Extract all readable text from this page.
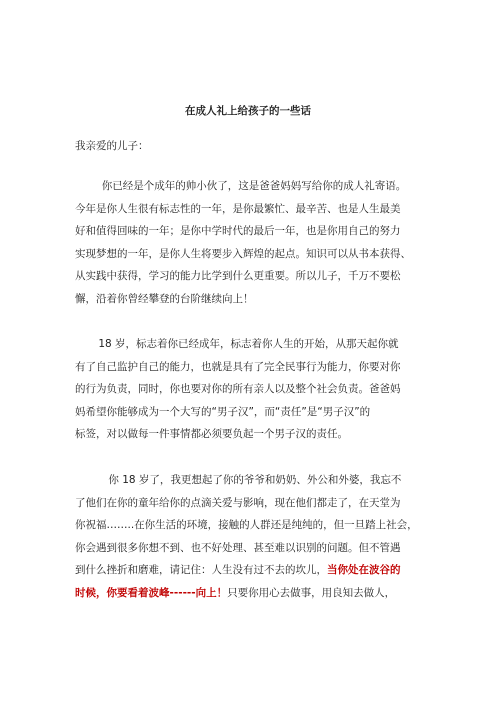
在成人礼上给孩子的一些话
我亲爱的儿子：
你已经是个成年的帅小伙了，这是爸爸妈妈写给你的成人礼寄语。
今年是你人生很有标志性的一年，是你最繁忙、最辛苦、也是人生最美
好和值得回味的一年；是你中学时代的最后一年，也是你用自己的努力
实现梦想的一年，是你人生将要步入辉煌的起点。知识可以从书本获得、
从实践中获得，学习的能力比学到什么更重要。所以儿子，千万不要松
懈，沿着你曾经攀登的台阶继续向上！
18 岁，标志着你已经成年，标志着你人生的开始，从那天起你就
有了自己监护自己的能力，也就是具有了完全民事行为能力，你要对你
的行为负责，同时，你也要对你的所有亲人以及整个社会负责。爸爸妈
妈希望你能够成为一个大写的“男子汉”，而“责任”是“男子汉”的
标签，对以做每一件事情都必须要负起一个男子汉的责任。
你 18 岁了，我更想起了你的爷爷和奶奶、外公和外婆，我忘不
了他们在你的童年给你的点滴关爱与影响，现在他们都走了，在天堂为
你祝福……..在你生活的环境，接触的人群还是纯纯的，但一旦踏上社会，
你会遇到很多你想不到、也不好处理、甚至难以识别的问题。但不管遇
到什么挫折和磨难，请记住：人生没有过不去的坎儿，当你处在波谷的
时候，你要看着波峰------向上！只要你用心去做事，用良知去做人，
